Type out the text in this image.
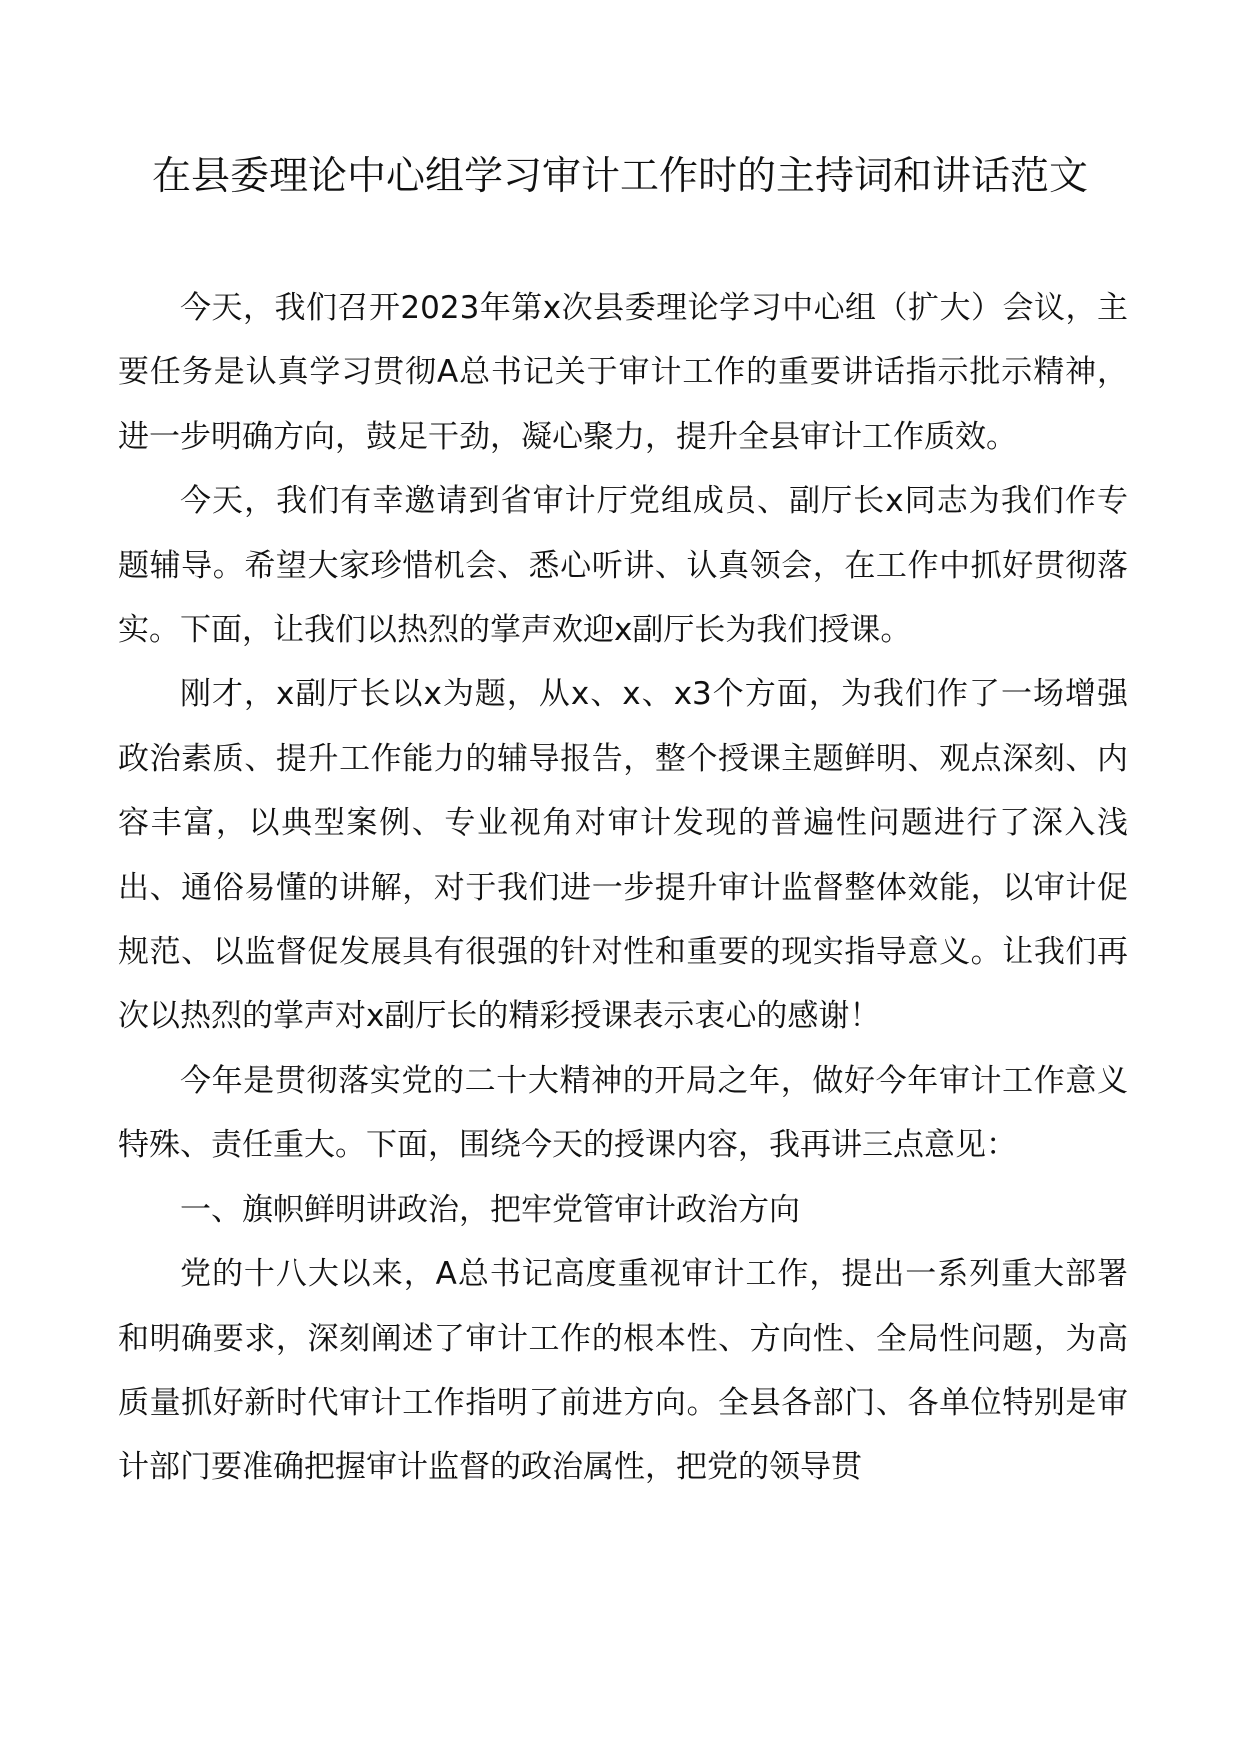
在县委理论中心组学习审计工作时的主持词和讲话范文

今天，我们召开2023年第x次县委理论学习中心组（扩大）会议，主要任务是认真学习贯彻A总书记关于审计工作的重要讲话指示批示精神，进一步明确方向，鼓足干劲，凝心聚力，提升全县审计工作质效。

今天，我们有幸邀请到省审计厅党组成员、副厅长x同志为我们作专题辅导。希望大家珍惜机会、悉心听讲、认真领会，在工作中抓好贯彻落实。下面，让我们以热烈的掌声欢迎x副厅长为我们授课。

刚才，x副厅长以x为题，从x、x、x3个方面，为我们作了一场增强政治素质、提升工作能力的辅导报告，整个授课主题鲜明、观点深刻、内容丰富，以典型案例、专业视角对审计发现的普遍性问题进行了深入浅出、通俗易懂的讲解，对于我们进一步提升审计监督整体效能，以审计促规范、以监督促发展具有很强的针对性和重要的现实指导意义。让我们再次以热烈的掌声对x副厅长的精彩授课表示衷心的感谢！

今年是贯彻落实党的二十大精神的开局之年，做好今年审计工作意义特殊、责任重大。下面，围绕今天的授课内容，我再讲三点意见：

一、旗帜鲜明讲政治，把牢党管审计政治方向

党的十八大以来，A总书记高度重视审计工作，提出一系列重大部署和明确要求，深刻阐述了审计工作的根本性、方向性、全局性问题，为高质量抓好新时代审计工作指明了前进方向。全县各部门、各单位特别是审计部门要准确把握审计监督的政治属性，把党的领导贯
